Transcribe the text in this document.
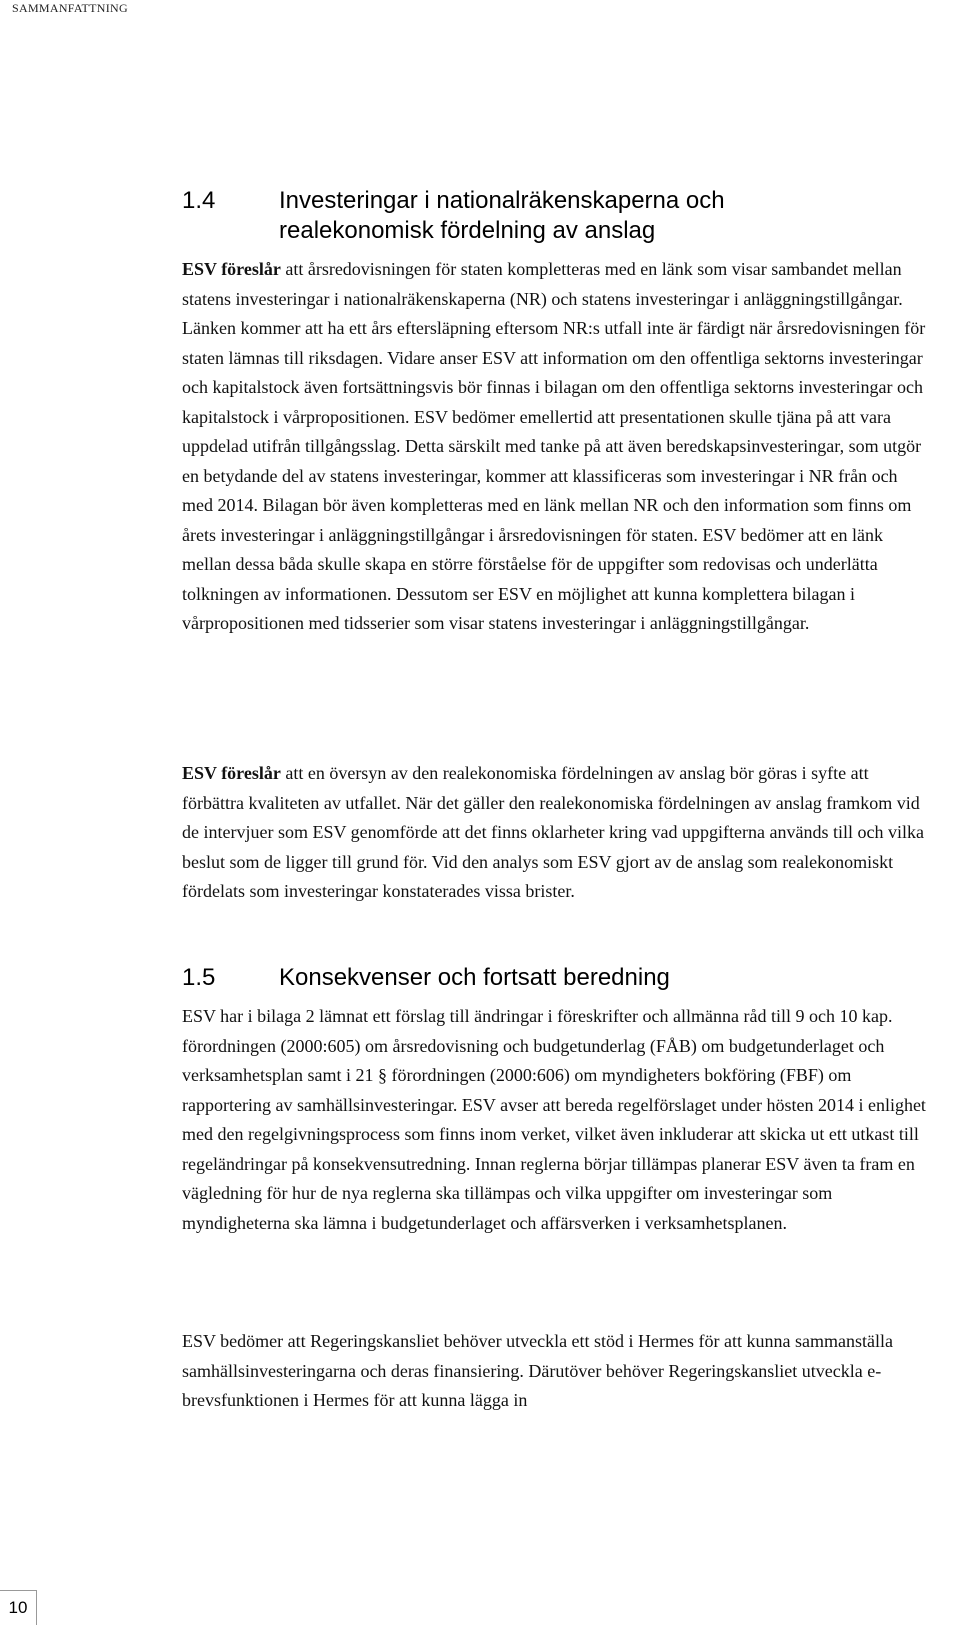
SAMMANFATTNING
1.4	Investeringar i nationalräkenskaperna och
realekonomisk fördelning av anslag

ESV föreslår att årsredovisningen för staten kompletteras med en länk som visar sambandet mellan statens investeringar i nationalräkenskaperna (NR) och statens investeringar i anläggningstillgångar. Länken kommer att ha ett års eftersläpning eftersom NR:s utfall inte är färdigt när årsredovisningen för staten lämnas till riksdagen. Vidare anser ESV att information om den offentliga sektorns investeringar och kapitalstock även fortsättningsvis bör finnas i bilagan om den offentliga sektorns investeringar och kapitalstock i vårpropositionen. ESV bedömer emellertid att presentationen skulle tjäna på att vara uppdelad utifrån tillgångsslag. Detta särskilt med tanke på att även beredskapsinvesteringar, som utgör en betydande del av statens investeringar, kommer att klassificeras som investeringar i NR från och med 2014. Bilagan bör även kompletteras med en länk mellan NR och den information som finns om årets investeringar i anläggningstillgångar i årsredovisningen för staten. ESV bedömer att en länk mellan dessa båda skulle skapa en större förståelse för de uppgifter som redovisas och underlätta tolkningen av informationen. Dessutom ser ESV en möjlighet att kunna komplettera bilagan i vårpropositionen med tidsserier som visar statens investeringar i anläggningstillgångar.

ESV föreslår att en översyn av den realekonomiska fördelningen av anslag bör göras i syfte att förbättra kvaliteten av utfallet. När det gäller den realekonomiska fördelningen av anslag framkom vid de intervjuer som ESV genomförde att det finns oklarheter kring vad uppgifterna används till och vilka beslut som de ligger till grund för. Vid den analys som ESV gjort av de anslag som realekonomiskt fördelats som investeringar konstaterades vissa brister.

1.5	Konsekvenser och fortsatt beredning

ESV har i bilaga 2 lämnat ett förslag till ändringar i föreskrifter och allmänna råd till 9 och 10 kap. förordningen (2000:605) om årsredovisning och budgetunderlag (FÅB) om budgetunderlaget och verksamhetsplan samt i 21 § förordningen (2000:606) om myndigheters bokföring (FBF) om rapportering av samhällsinvesteringar. ESV avser att bereda regelförslaget under hösten 2014 i enlighet med den regelgivningsprocess som finns inom verket, vilket även inkluderar att skicka ut ett utkast till regeländringar på konsekvensutredning. Innan reglerna börjar tillämpas planerar ESV även ta fram en vägledning för hur de nya reglerna ska tillämpas och vilka uppgifter om investeringar som myndigheterna ska lämna i budgetunderlaget och affärsverken i verksamhetsplanen.

ESV bedömer att Regeringskansliet behöver utveckla ett stöd i Hermes för att kunna sammanställa samhällsinvesteringarna och deras finansiering. Därutöver behöver Regeringskansliet utveckla e-brevsfunktionen i Hermes för att kunna lägga in

10
